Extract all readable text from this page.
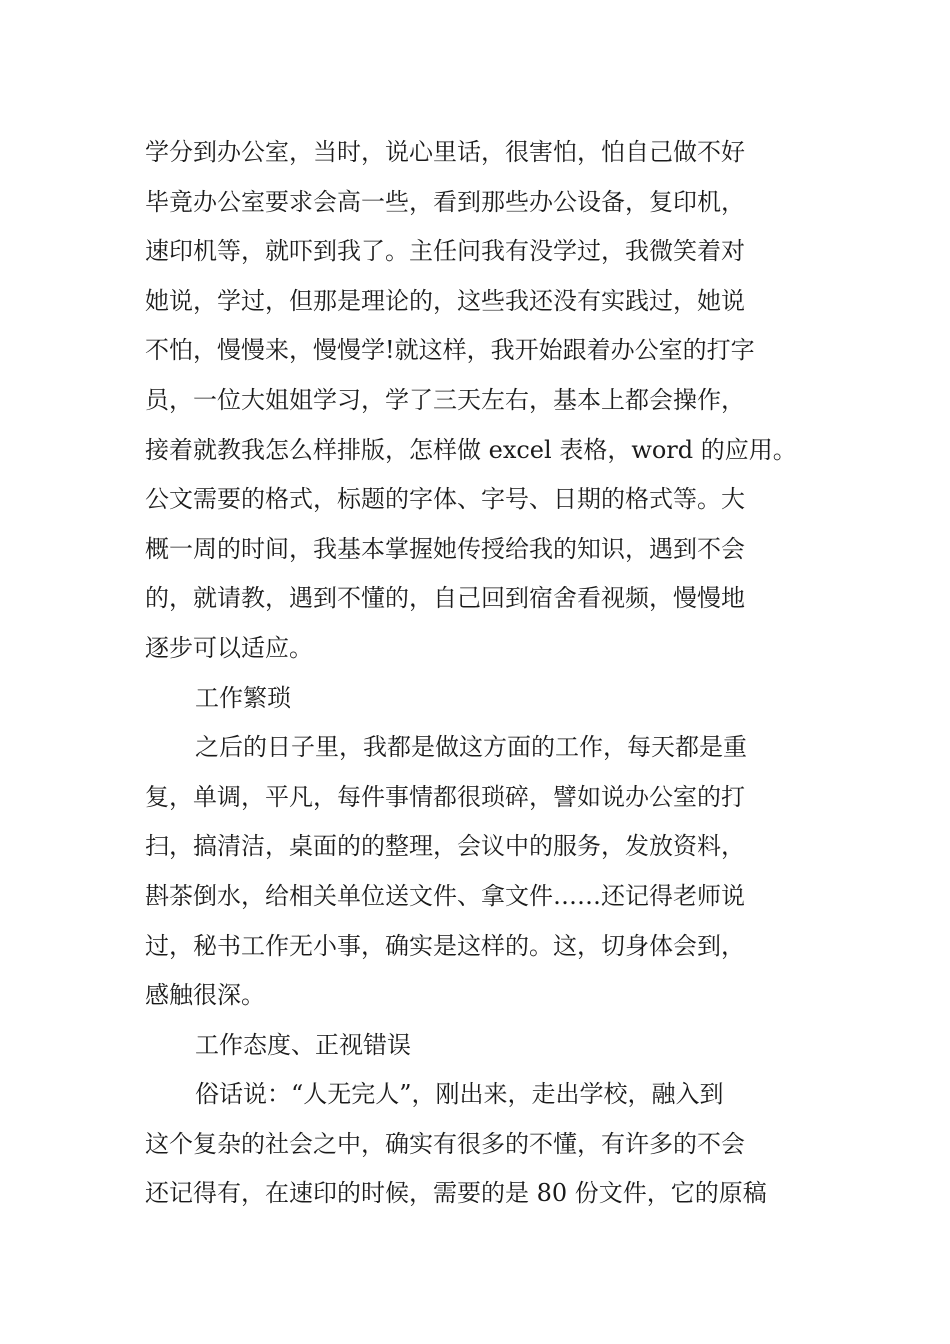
学分到办公室，当时，说心里话，很害怕，怕自己做不好

毕竟办公室要求会高一些，看到那些办公设备，复印机，

速印机等，就吓到我了。主任问我有没学过，我微笑着对

她说，学过，但那是理论的，这些我还没有实践过，她说

不怕，慢慢来，慢慢学!就这样，我开始跟着办公室的打字

员，一位大姐姐学习，学了三天左右，基本上都会操作，

接着就教我怎么样排版，怎样做 excel 表格，word 的应用。

公文需要的格式，标题的字体、字号、日期的格式等。大

概一周的时间，我基本掌握她传授给我的知识，遇到不会

的，就请教，遇到不懂的，自己回到宿舍看视频，慢慢地

逐步可以适应。

工作繁琐

之后的日子里，我都是做这方面的工作，每天都是重

复，单调，平凡，每件事情都很琐碎，譬如说办公室的打

扫，搞清洁，桌面的的整理，会议中的服务，发放资料，

斟茶倒水，给相关单位送文件、拿文件……还记得老师说

过，秘书工作无小事，确实是这样的。这，切身体会到，

感触很深。

工作态度、正视错误

俗话说：“人无完人”，刚出来，走出学校，融入到

这个复杂的社会之中，确实有很多的不懂，有许多的不会

还记得有，在速印的时候，需要的是 80 份文件，它的原稿
